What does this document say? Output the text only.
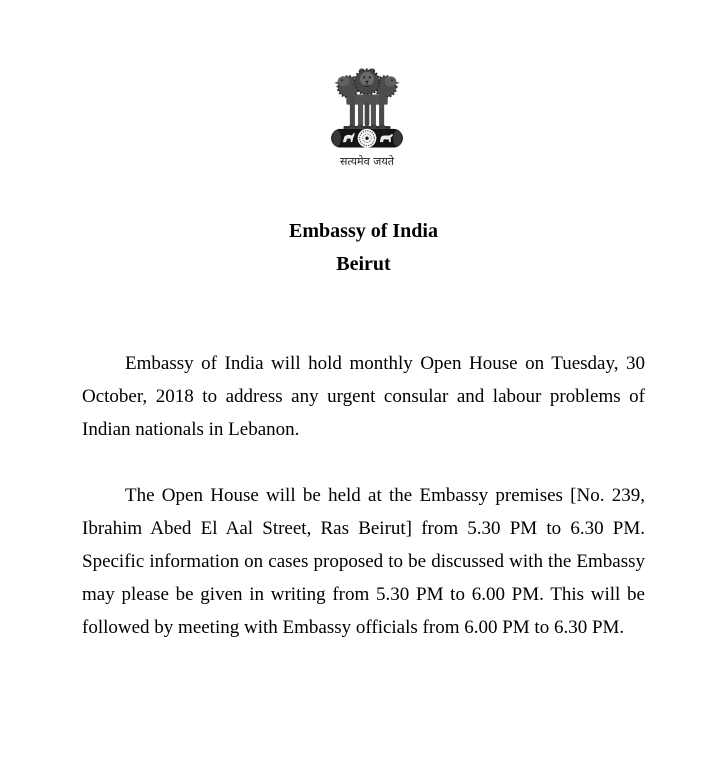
सत्यमेव जयते
Embassy of India
Beirut

Embassy of India will hold monthly Open House on Tuesday, 30 October, 2018 to address any urgent consular and labour problems of Indian nationals in Lebanon.

The Open House will be held at the Embassy premises [No. 239, Ibrahim Abed El Aal Street, Ras Beirut] from 5.30 PM to 6.30 PM. Specific information on cases proposed to be discussed with the Embassy may please be given in writing from 5.30 PM to 6.00 PM. This will be followed by meeting with Embassy officials from 6.00 PM to 6.30 PM.
